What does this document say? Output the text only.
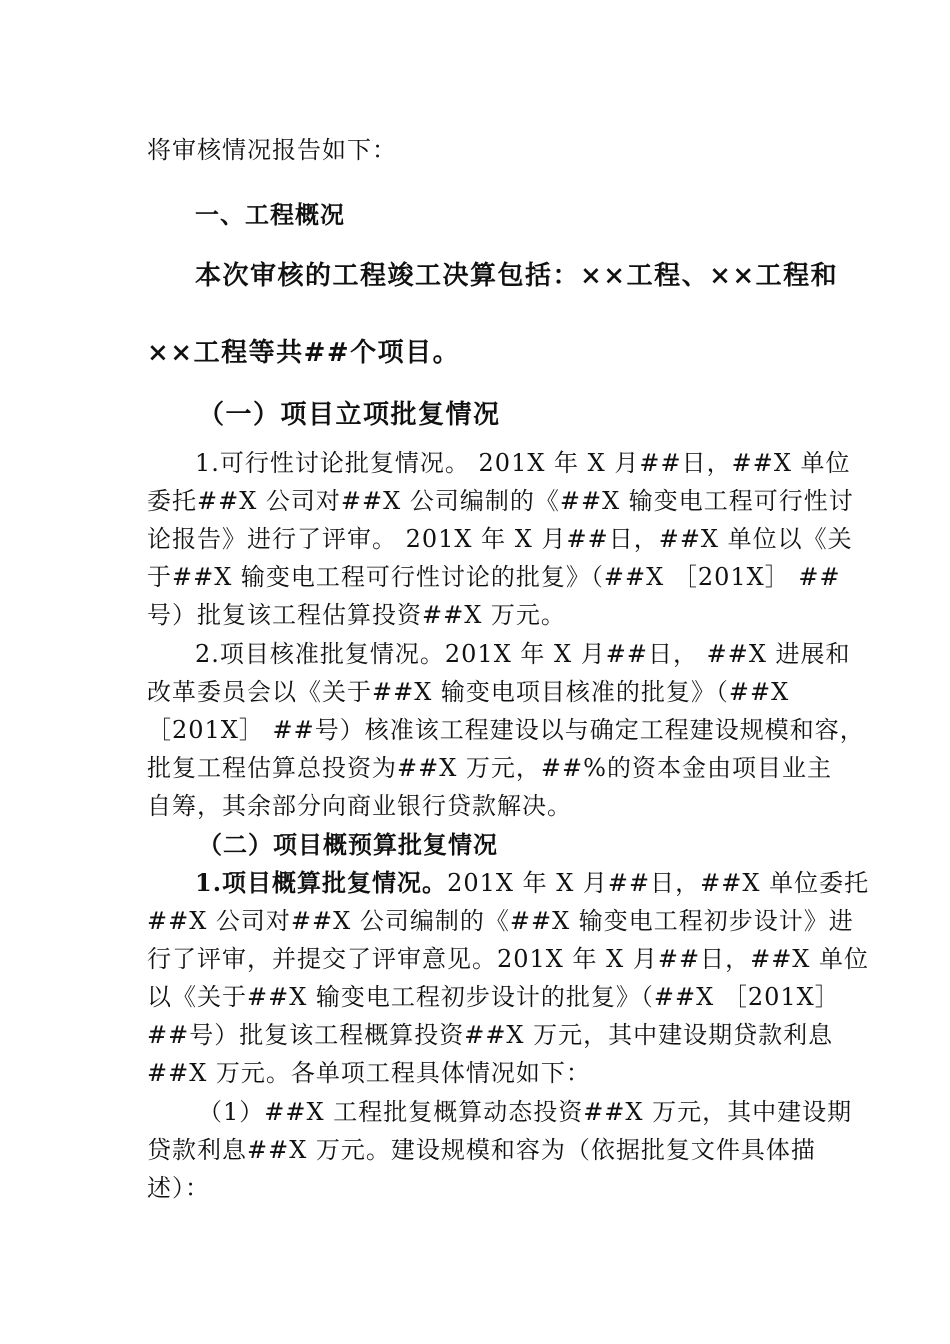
将审核情况报告如下：
一、工程概况
本次审核的工程竣工决算包括：××工程、××工程和
××工程等共##个项目。
（一）项目立项批复情况
1.可行性讨论批复情况。 201X 年 X 月##日，##X 单位
委托##X 公司对##X 公司编制的《##X 输变电工程可行性讨
论报告》进行了评审。 201X 年 X 月##日，##X 单位以《关
于##X 输变电工程可行性讨论的批复》（##X ［201X］ ##
号）批复该工程估算投资##X 万元。
2.项目核准批复情况。201X 年 X 月##日， ##X 进展和
改革委员会以《关于##X 输变电项目核准的批复》（##X
［201X］ ##号）核准该工程建设以与确定工程建设规模和容，
批复工程估算总投资为##X 万元，##%的资本金由项目业主
自筹，其余部分向商业银行贷款解决。
（二）项目概预算批复情况
1.项目概算批复情况。201X 年 X 月##日，##X 单位委托
##X 公司对##X 公司编制的《##X 输变电工程初步设计》进
行了评审，并提交了评审意见。201X 年 X 月##日，##X 单位
以《关于##X 输变电工程初步设计的批复》（##X ［201X］
##号）批复该工程概算投资##X 万元，其中建设期贷款利息
##X 万元。各单项工程具体情况如下：
（1）##X 工程批复概算动态投资##X 万元，其中建设期
贷款利息##X 万元。建设规模和容为（依据批复文件具体描
述）：
